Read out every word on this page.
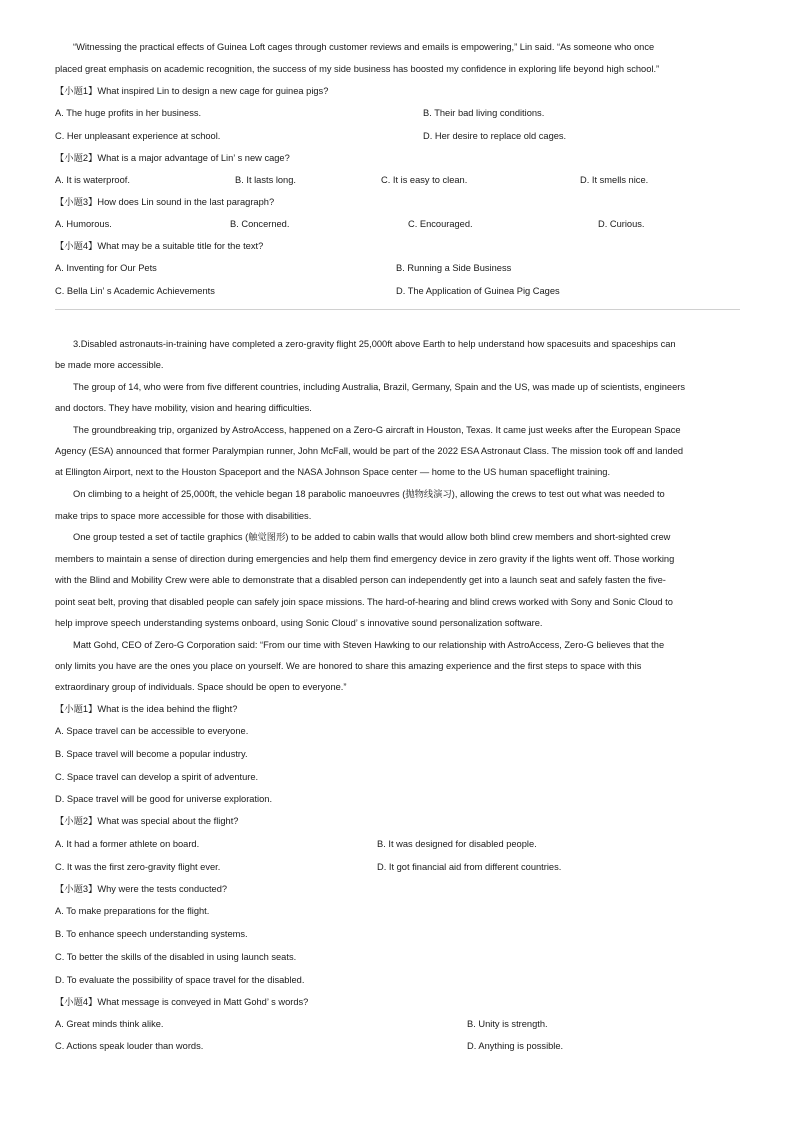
“Witnessing the practical effects of Guinea Loft cages through customer reviews and emails is empowering,” Lin said. “As someone who once
placed great emphasis on academic recognition, the success of my side business has boosted my confidence in exploring life beyond high school.”
【小题1】What inspired Lin to design a new cage for guinea pigs?
A. The huge profits in her business.	B. Their bad living conditions.
C. Her unpleasant experience at school.	D. Her desire to replace old cages.
【小题2】What is a major advantage of Lin’ s new cage?
A. It is waterproof.	B. It lasts long.	C. It is easy to clean.	D. It smells nice.
【小题3】How does Lin sound in the last paragraph?
A. Humorous.	B. Concerned.	C. Encouraged.	D. Curious.
【小题4】What may be a suitable title for the text?
A. Inventing for Our Pets	B. Running a Side Business
C. Bella Lin’ s Academic Achievements	D. The Application of Guinea Pig Cages
3.Disabled astronauts-in-training have completed a zero-gravity flight 25,000ft above Earth to help understand how spacesuits and spaceships can
be made more accessible.
The group of 14, who were from five different countries, including Australia, Brazil, Germany, Spain and the US, was made up of scientists, engineers
and doctors. They have mobility, vision and hearing difficulties.
The groundbreaking trip, organized by AstroAccess, happened on a Zero-G aircraft in Houston, Texas. It came just weeks after the European Space
Agency (ESA) announced that former Paralympian runner, John McFall, would be part of the 2022 ESA Astronaut Class. The mission took off and landed
at Ellington Airport, next to the Houston Spaceport and the NASA Johnson Space center — home to the US human spaceflight training.
On climbing to a height of 25,000ft, the vehicle began 18 parabolic manoeuvres (抛物线演习), allowing the crews to test out what was needed to
make trips to space more accessible for those with disabilities.
One group tested a set of tactile graphics (触觉图形) to be added to cabin walls that would allow both blind crew members and short-sighted crew
members to maintain a sense of direction during emergencies and help them find emergency device in zero gravity if the lights went off. Those working
with the Blind and Mobility Crew were able to demonstrate that a disabled person can independently get into a launch seat and safely fasten the five-
point seat belt, proving that disabled people can safely join space missions. The hard-of-hearing and blind crews worked with Sony and Sonic Cloud to
help improve speech understanding systems onboard, using Sonic Cloud’ s innovative sound personalization software.
Matt Gohd, CEO of Zero-G Corporation said: “From our time with Steven Hawking to our relationship with AstroAccess, Zero-G believes that the
only limits you have are the ones you place on yourself. We are honored to share this amazing experience and the first steps to space with this
extraordinary group of individuals. Space should be open to everyone.”
【小题1】What is the idea behind the flight?
A. Space travel can be accessible to everyone.
B. Space travel will become a popular industry.
C. Space travel can develop a spirit of adventure.
D. Space travel will be good for universe exploration.
【小题2】What was special about the flight?
A. It had a former athlete on board.	B. It was designed for disabled people.
C. It was the first zero-gravity flight ever.	D. It got financial aid from different countries.
【小题3】Why were the tests conducted?
A. To make preparations for the flight.
B. To enhance speech understanding systems.
C. To better the skills of the disabled in using launch seats.
D. To evaluate the possibility of space travel for the disabled.
【小题4】What message is conveyed in Matt Gohd’ s words?
A. Great minds think alike.	B. Unity is strength.
C. Actions speak louder than words.	D. Anything is possible.
